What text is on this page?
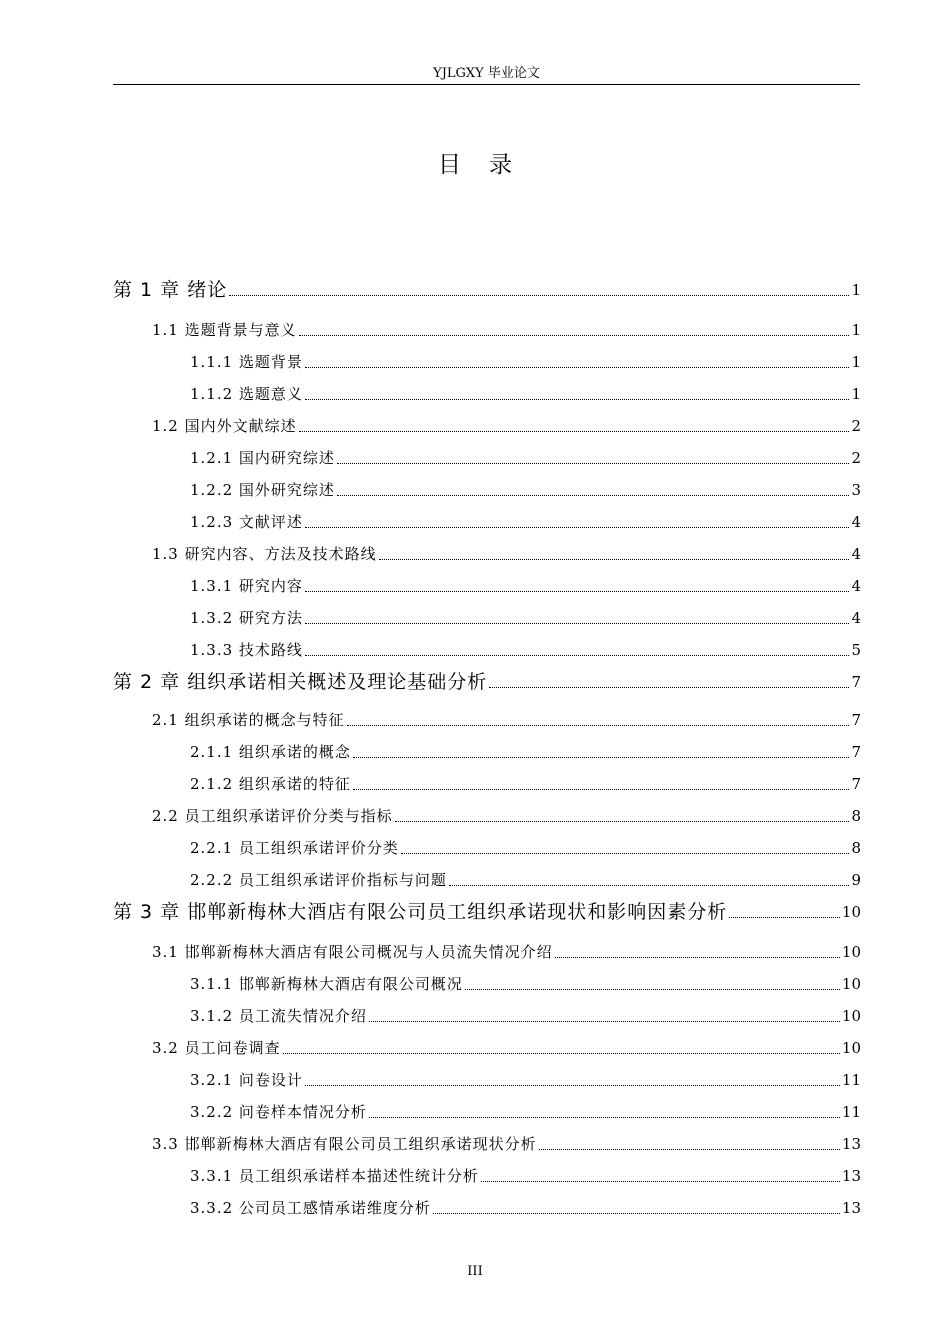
YJLGXY 毕业论文
目录
第 1 章 绪论	1
1.1 选题背景与意义	1
1.1.1 选题背景	1
1.1.2 选题意义	1
1.2 国内外文献综述	2
1.2.1 国内研究综述	2
1.2.2 国外研究综述	3
1.2.3 文献评述	4
1.3 研究内容、方法及技术路线	4
1.3.1 研究内容	4
1.3.2 研究方法	4
1.3.3 技术路线	5
第 2 章 组织承诺相关概述及理论基础分析	7
2.1 组织承诺的概念与特征	7
2.1.1 组织承诺的概念	7
2.1.2 组织承诺的特征	7
2.2 员工组织承诺评价分类与指标	8
2.2.1 员工组织承诺评价分类	8
2.2.2 员工组织承诺评价指标与问题	9
第 3 章 邯郸新梅林大酒店有限公司员工组织承诺现状和影响因素分析	10
3.1 邯郸新梅林大酒店有限公司概况与人员流失情况介绍	10
3.1.1 邯郸新梅林大酒店有限公司概况	10
3.1.2 员工流失情况介绍	10
3.2 员工问卷调查	10
3.2.1 问卷设计	11
3.2.2 问卷样本情况分析	11
3.3 邯郸新梅林大酒店有限公司员工组织承诺现状分析	13
3.3.1 员工组织承诺样本描述性统计分析	13
3.3.2 公司员工感情承诺维度分析	13
III
